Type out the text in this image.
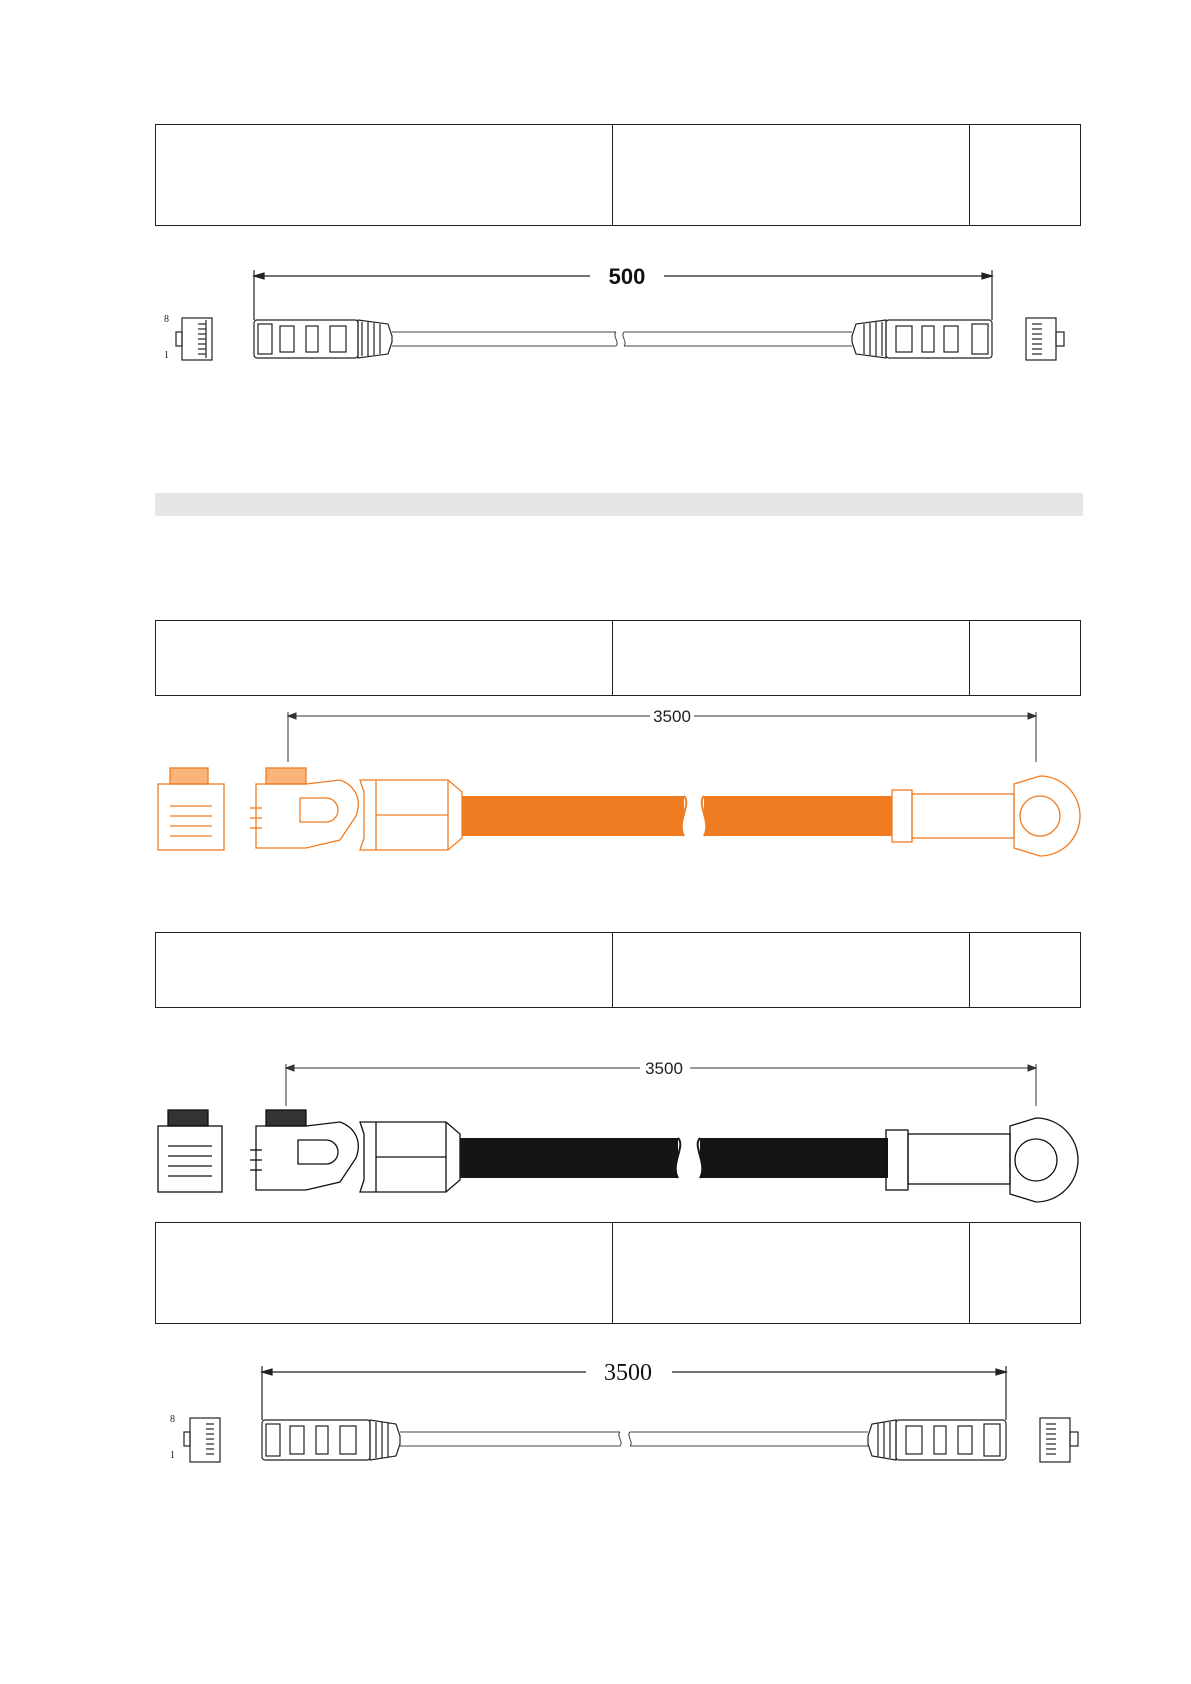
500
8
1
3500
3500
3500
8
1
